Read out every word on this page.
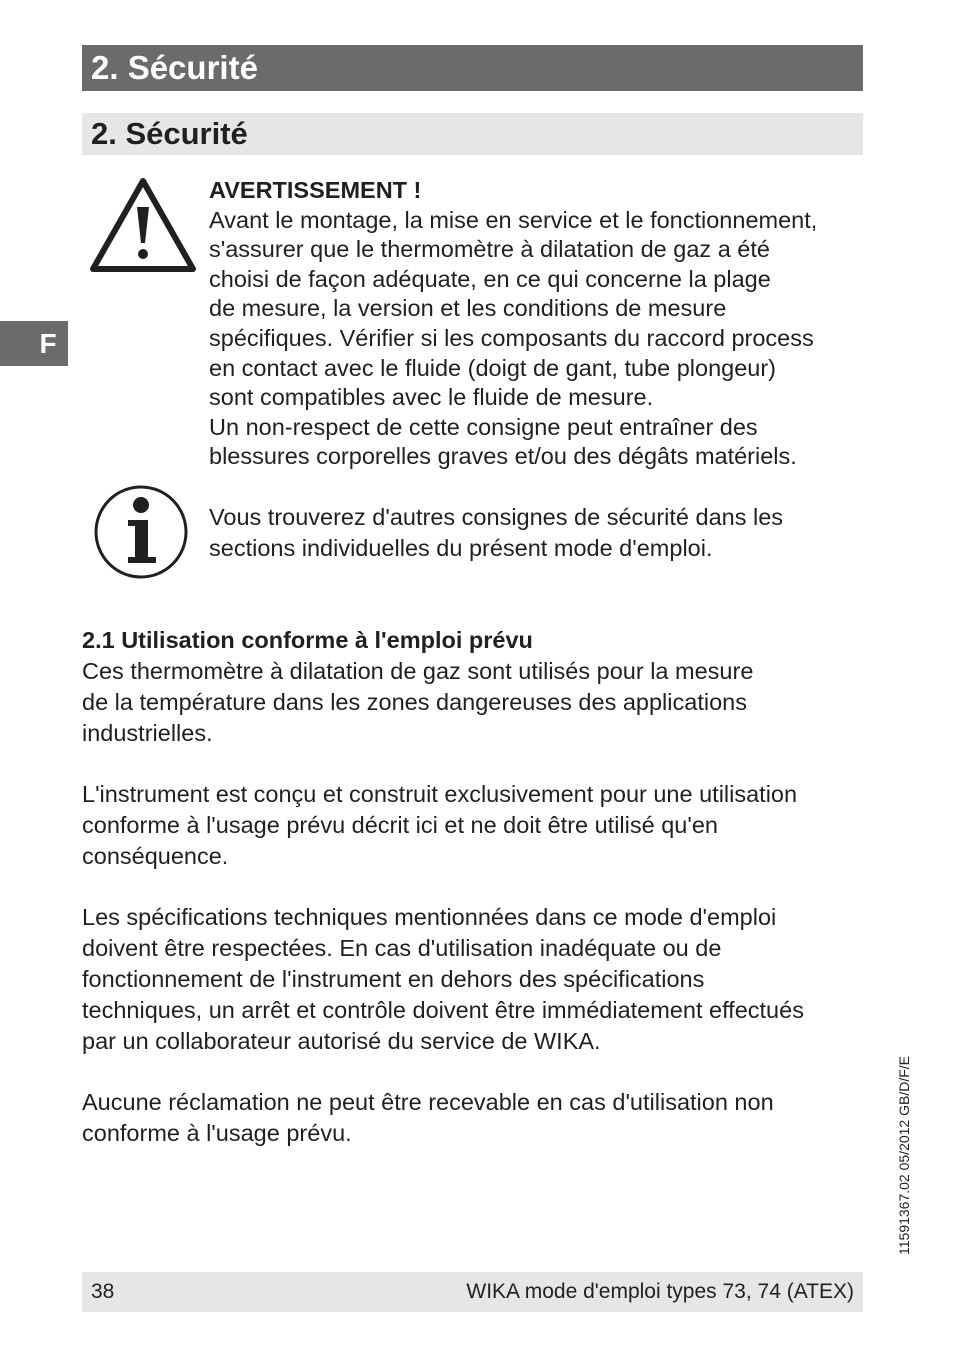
2. Sécurité
2. Sécurité
F
AVERTISSEMENT !
Avant le montage, la mise en service et le fonctionnement,
s'assurer que le thermomètre à dilatation de gaz a été
choisi de façon adéquate, en ce qui concerne la plage
de mesure, la version et les conditions de mesure
spécifiques. Vérifier si les composants du raccord process
en contact avec le fluide (doigt de gant, tube plongeur)
sont compatibles avec le fluide de mesure.
Un non-respect de cette consigne peut entraîner des
blessures corporelles graves et/ou des dégâts matériels.
Vous trouverez d'autres consignes de sécurité dans les
sections individuelles du présent mode d'emploi.
2.1 Utilisation conforme à l'emploi prévu

Ces thermomètre à dilatation de gaz sont utilisés pour la mesure
de la température dans les zones dangereuses des applications
industrielles.

L'instrument est conçu et construit exclusivement pour une utilisation
conforme à l'usage prévu décrit ici et ne doit être utilisé qu'en
conséquence.

Les spécifications techniques mentionnées dans ce mode d'emploi
doivent être respectées. En cas d'utilisation inadéquate ou de
fonctionnement de l'instrument en dehors des spécifications
techniques, un arrêt et contrôle doivent être immédiatement effectués
par un collaborateur autorisé du service de WIKA.

Aucune réclamation ne peut être recevable en cas d'utilisation non
conforme à l'usage prévu.	11591367.02 05/2012 GB/D/F/E
38	WIKA mode d'emploi types 73, 74 (ATEX)
